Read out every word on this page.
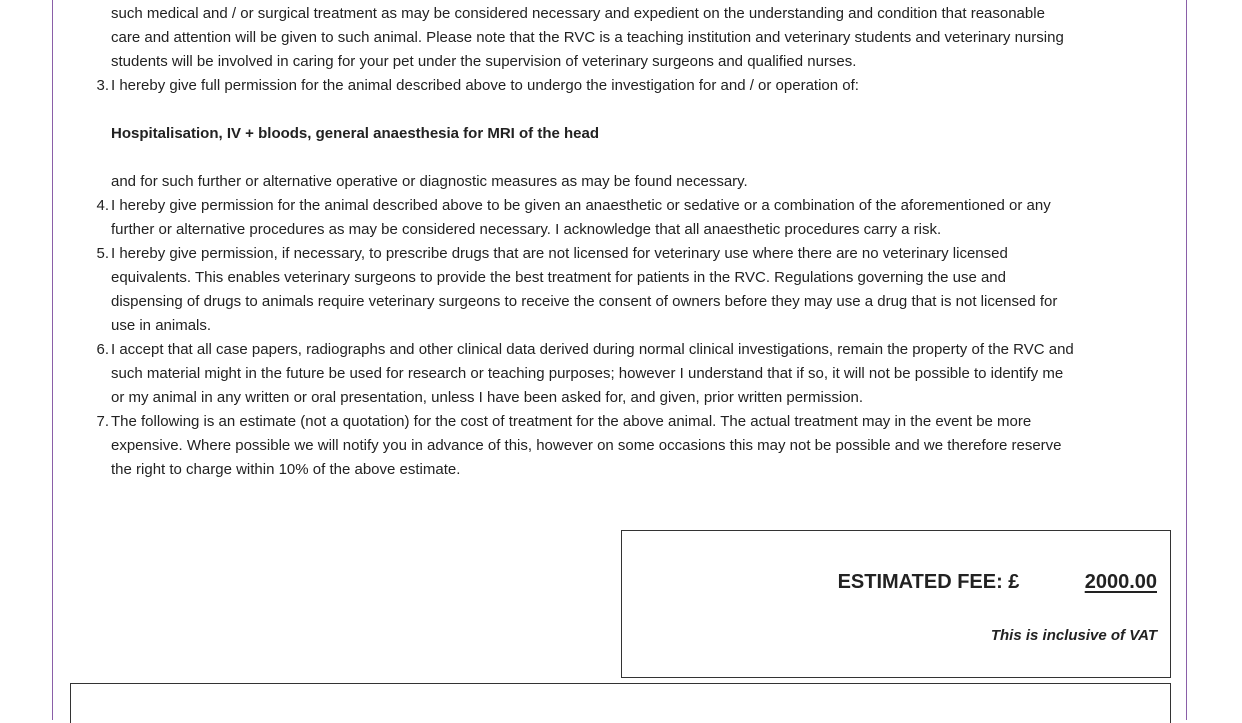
such medical and / or surgical treatment as may be considered necessary and expedient on the understanding and condition that reasonable
care and attention will be given to such animal. Please note that the RVC is a teaching institution and veterinary students and veterinary nursing
students will be involved in caring for your pet under the supervision of veterinary surgeons and qualified nurses.
3. I hereby give full permission for the animal described above to undergo the investigation for and / or operation of:
Hospitalisation, IV + bloods, general anaesthesia for MRI of the head
and for such further or alternative operative or diagnostic measures as may be found necessary.
4. I hereby give permission for the animal described above to be given an anaesthetic or sedative or a combination of the aforementioned or any
further or alternative procedures as may be considered necessary. I acknowledge that all anaesthetic procedures carry a risk.
5. I hereby give permission, if necessary, to prescribe drugs that are not licensed for veterinary use where there are no veterinary licensed
equivalents. This enables veterinary surgeons to provide the best treatment for patients in the RVC. Regulations governing the use and
dispensing of drugs to animals require veterinary surgeons to receive the consent of owners before they may use a drug that is not licensed for
use in animals.
6. I accept that all case papers, radiographs and other clinical data derived during normal clinical investigations, remain the property of the RVC and
such material might in the future be used for research or teaching purposes; however I understand that if so, it will not be possible to identify me
or my animal in any written or oral presentation, unless I have been asked for, and given, prior written permission.
7. The following is an estimate (not a quotation) for the cost of treatment for the above animal. The actual treatment may in the event be more
expensive. Where possible we will notify you in advance of this, however on some occasions this may not be possible and we therefore reserve
the right to charge within 10% of the above estimate.
ESTIMATED FEE: £	2000.00
This is inclusive of VAT
